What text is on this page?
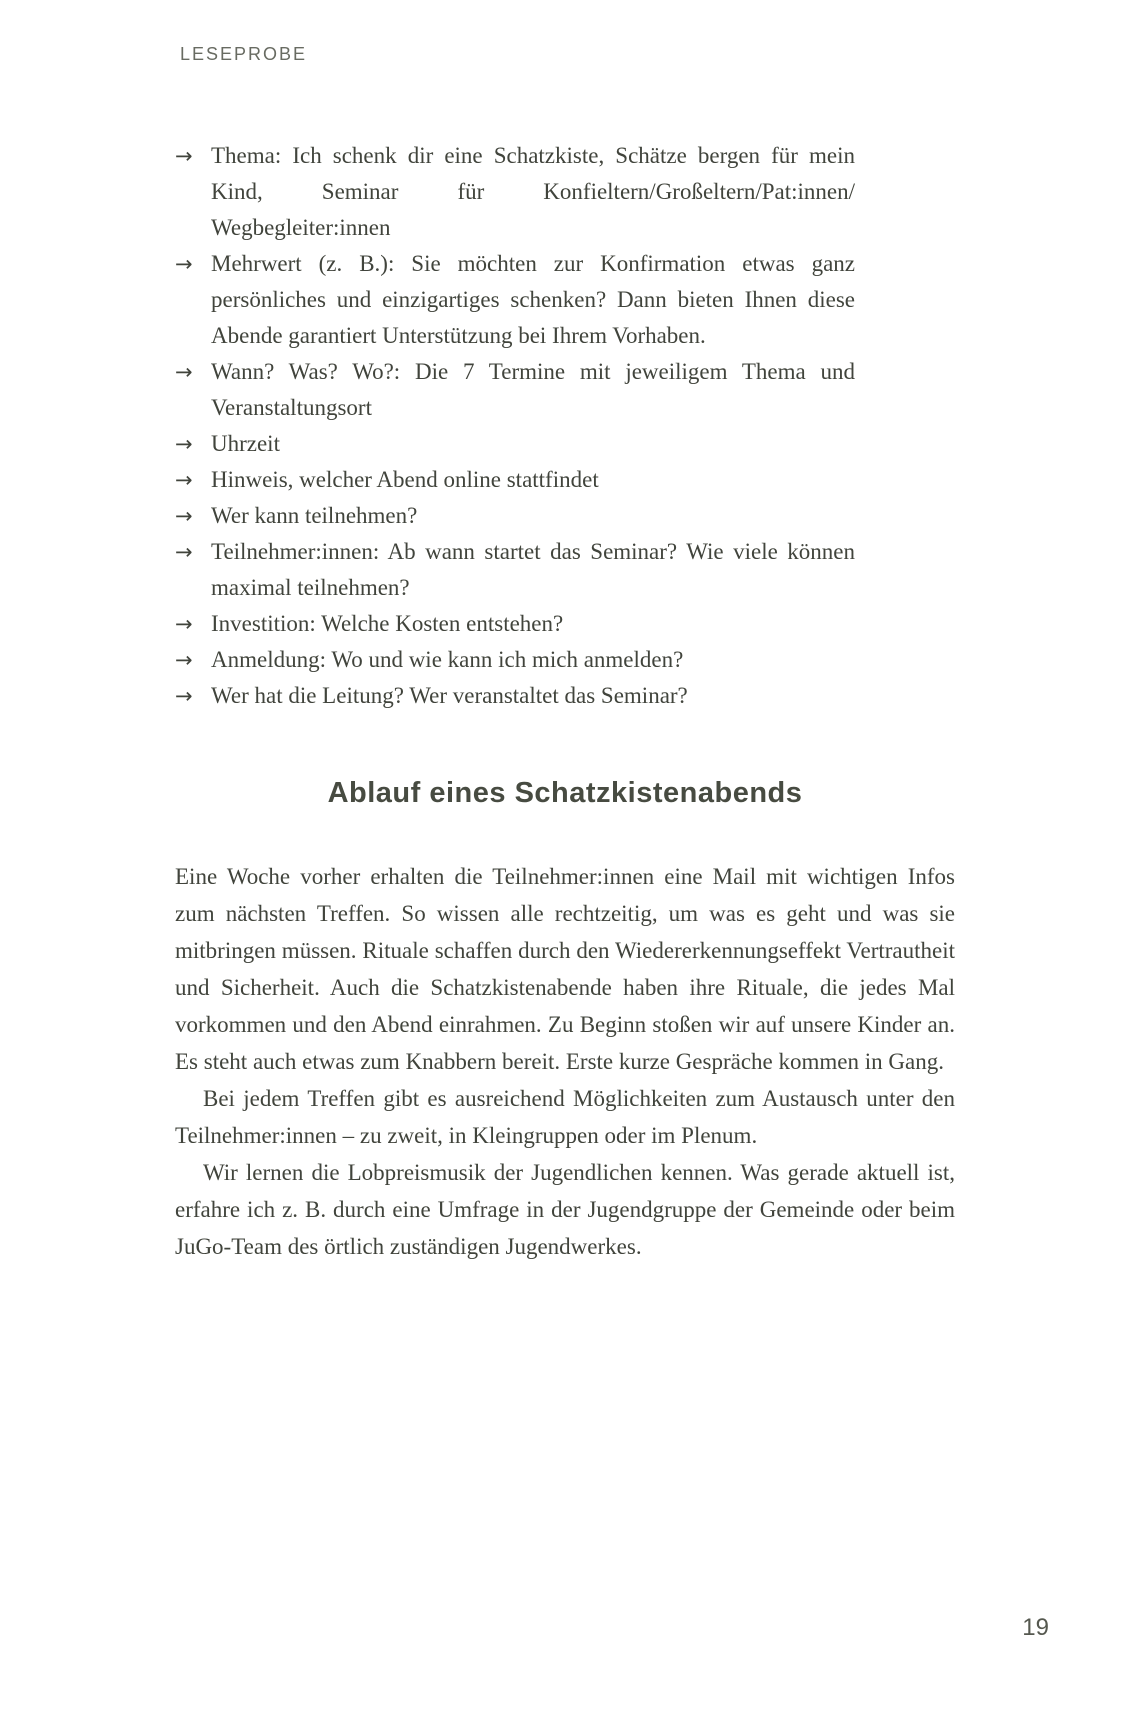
LESEPROBE
→ Thema: Ich schenk dir eine Schatzkiste, Schätze bergen für mein Kind, Seminar für Konfieltern/​Großeltern/​Pat:innen/​Wegbegleiter:innen
→ Mehrwert (z. B.): Sie möchten zur Konfirmation etwas ganz persönliches und einzigartiges schenken? Dann bieten Ihnen diese Abende garantiert Unterstützung bei Ihrem Vorhaben.
→ Wann? Was? Wo?: Die 7 Termine mit jeweiligem Thema und Veranstaltungsort
→ Uhrzeit
→ Hinweis, welcher Abend online stattfindet
→ Wer kann teilnehmen?
→ Teilnehmer:innen: Ab wann startet das Seminar? Wie viele können maximal teilnehmen?
→ Investition: Welche Kosten entstehen?
→ Anmeldung: Wo und wie kann ich mich anmelden?
→ Wer hat die Leitung? Wer veranstaltet das Seminar?
Ablauf eines Schatzkistenabends

Eine Woche vorher erhalten die Teilnehmer:innen eine Mail mit wichtigen Infos zum nächsten Treffen. So wissen alle rechtzeitig, um was es geht und was sie mitbringen müssen. Rituale schaffen durch den Wiedererkennungseffekt Vertrautheit und Sicherheit. Auch die Schatzkistenabende haben ihre Rituale, die jedes Mal vorkommen und den Abend einrahmen. Zu Beginn stoßen wir auf unsere Kinder an. Es steht auch etwas zum Knabbern bereit. Erste kurze Gespräche kommen in Gang.

Bei jedem Treffen gibt es ausreichend Möglichkeiten zum Austausch unter den Teilnehmer:innen – zu zweit, in Kleingruppen oder im Plenum.

Wir lernen die Lobpreismusik der Jugendlichen kennen. Was gerade aktuell ist, erfahre ich z. B. durch eine Umfrage in der Jugendgruppe der Gemeinde oder beim JuGo-Team des örtlich zuständigen Jugendwerkes.

19
